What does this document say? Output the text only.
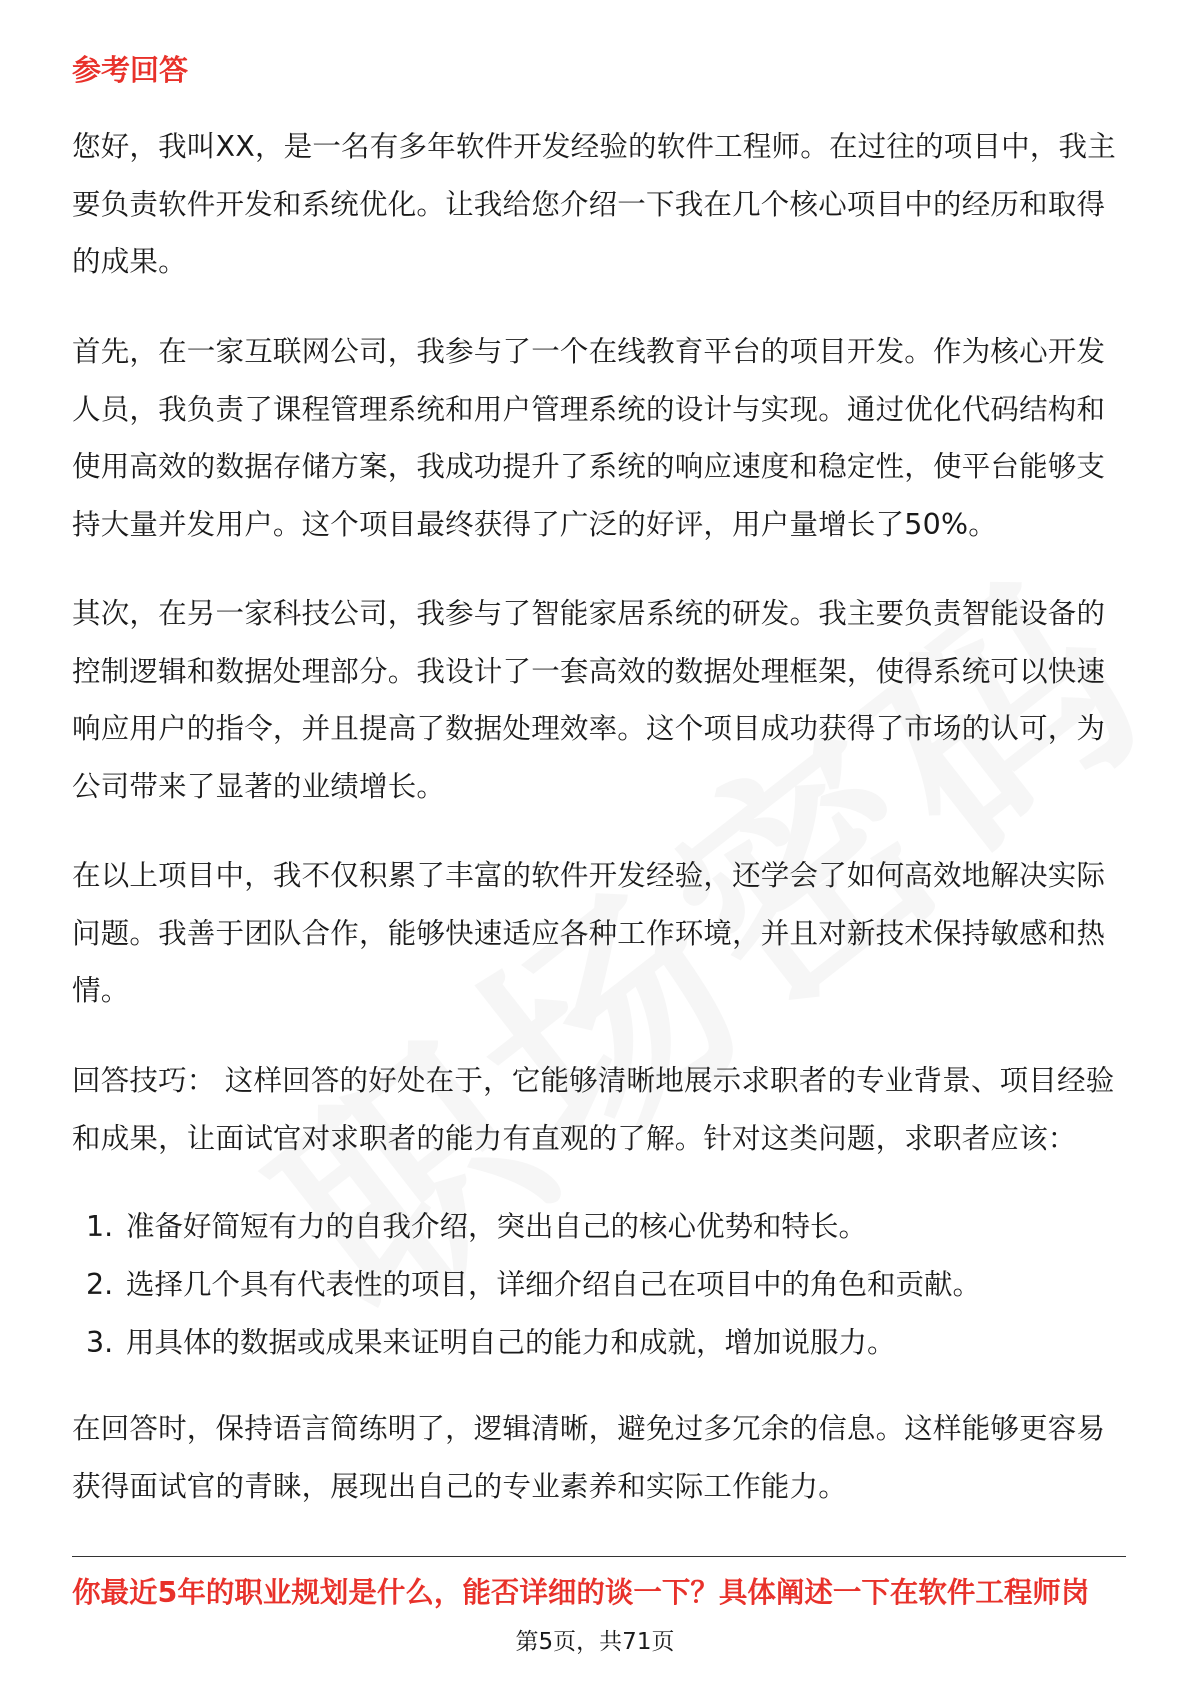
参考回答

您好，我叫XX，是一名有多年软件开发经验的软件工程师。在过往的项目中，我主要负责软件开发和系统优化。让我给您介绍一下我在几个核心项目中的经历和取得的成果。

首先，在一家互联网公司，我参与了一个在线教育平台的项目开发。作为核心开发人员，我负责了课程管理系统和用户管理系统的设计与实现。通过优化代码结构和使用高效的数据存储方案，我成功提升了系统的响应速度和稳定性，使平台能够支持大量并发用户。这个项目最终获得了广泛的好评，用户量增长了50%。

其次，在另一家科技公司，我参与了智能家居系统的研发。我主要负责智能设备的控制逻辑和数据处理部分。我设计了一套高效的数据处理框架，使得系统可以快速响应用户的指令，并且提高了数据处理效率。这个项目成功获得了市场的认可，为公司带来了显著的业绩增长。

在以上项目中，我不仅积累了丰富的软件开发经验，还学会了如何高效地解决实际问题。我善于团队合作，能够快速适应各种工作环境，并且对新技术保持敏感和热情。

回答技巧： 这样回答的好处在于，它能够清晰地展示求职者的专业背景、项目经验和成果，让面试官对求职者的能力有直观的了解。针对这类问题，求职者应该：

1. 准备好简短有力的自我介绍，突出自己的核心优势和特长。
2. 选择几个具有代表性的项目，详细介绍自己在项目中的角色和贡献。
3. 用具体的数据或成果来证明自己的能力和成就，增加说服力。

在回答时，保持语言简练明了，逻辑清晰，避免过多冗余的信息。这样能够更容易获得面试官的青睐，展现出自己的专业素养和实际工作能力。

你最近5年的职业规划是什么，能否详细的谈一下？具体阐述一下在软件工程师岗
第5页，共71页
